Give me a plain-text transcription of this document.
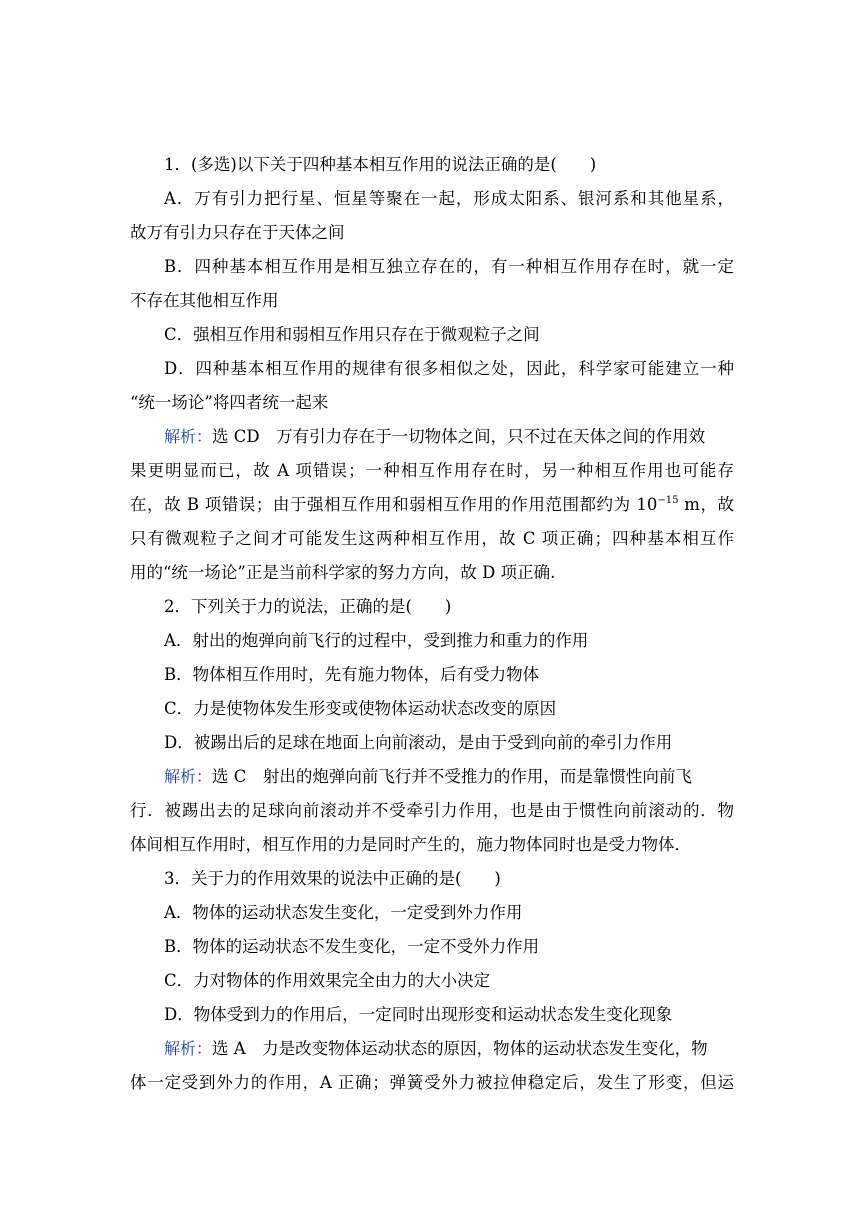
1．(多选)以下关于四种基本相互作用的说法正确的是(　　)
A．万有引力把行星、恒星等聚在一起，形成太阳系、银河系和其他星系，
故万有引力只存在于天体之间
B．四种基本相互作用是相互独立存在的，有一种相互作用存在时，就一定
不存在其他相互作用
C．强相互作用和弱相互作用只存在于微观粒子之间
D．四种基本相互作用的规律有很多相似之处，因此，科学家可能建立一种
“统一场论”将四者统一起来
解析：选 CD　万有引力存在于一切物体之间，只不过在天体之间的作用效
果更明显而已，故 A 项错误；一种相互作用存在时，另一种相互作用也可能存
在，故 B 项错误；由于强相互作用和弱相互作用的作用范围都约为 $10^{-15}$ m，故
只有微观粒子之间才可能发生这两种相互作用，故 C 项正确；四种基本相互作
用的“统一场论”正是当前科学家的努力方向，故 D 项正确.
2．下列关于力的说法，正确的是(　　)
A．射出的炮弹向前飞行的过程中，受到推力和重力的作用
B．物体相互作用时，先有施力物体，后有受力物体
C．力是使物体发生形变或使物体运动状态改变的原因
D．被踢出后的足球在地面上向前滚动，是由于受到向前的牵引力作用
解析：选 C　射出的炮弹向前飞行并不受推力的作用，而是靠惯性向前飞
行．被踢出去的足球向前滚动并不受牵引力作用，也是由于惯性向前滚动的．物
体间相互作用时，相互作用的力是同时产生的，施力物体同时也是受力物体．
3．关于力的作用效果的说法中正确的是(　　)
A．物体的运动状态发生变化，一定受到外力作用
B．物体的运动状态不发生变化，一定不受外力作用
C．力对物体的作用效果完全由力的大小决定
D．物体受到力的作用后，一定同时出现形变和运动状态发生变化现象
解析：选 A　力是改变物体运动状态的原因，物体的运动状态发生变化，物
体一定受到外力的作用，A 正确；弹簧受外力被拉伸稳定后，发生了形变，但运
